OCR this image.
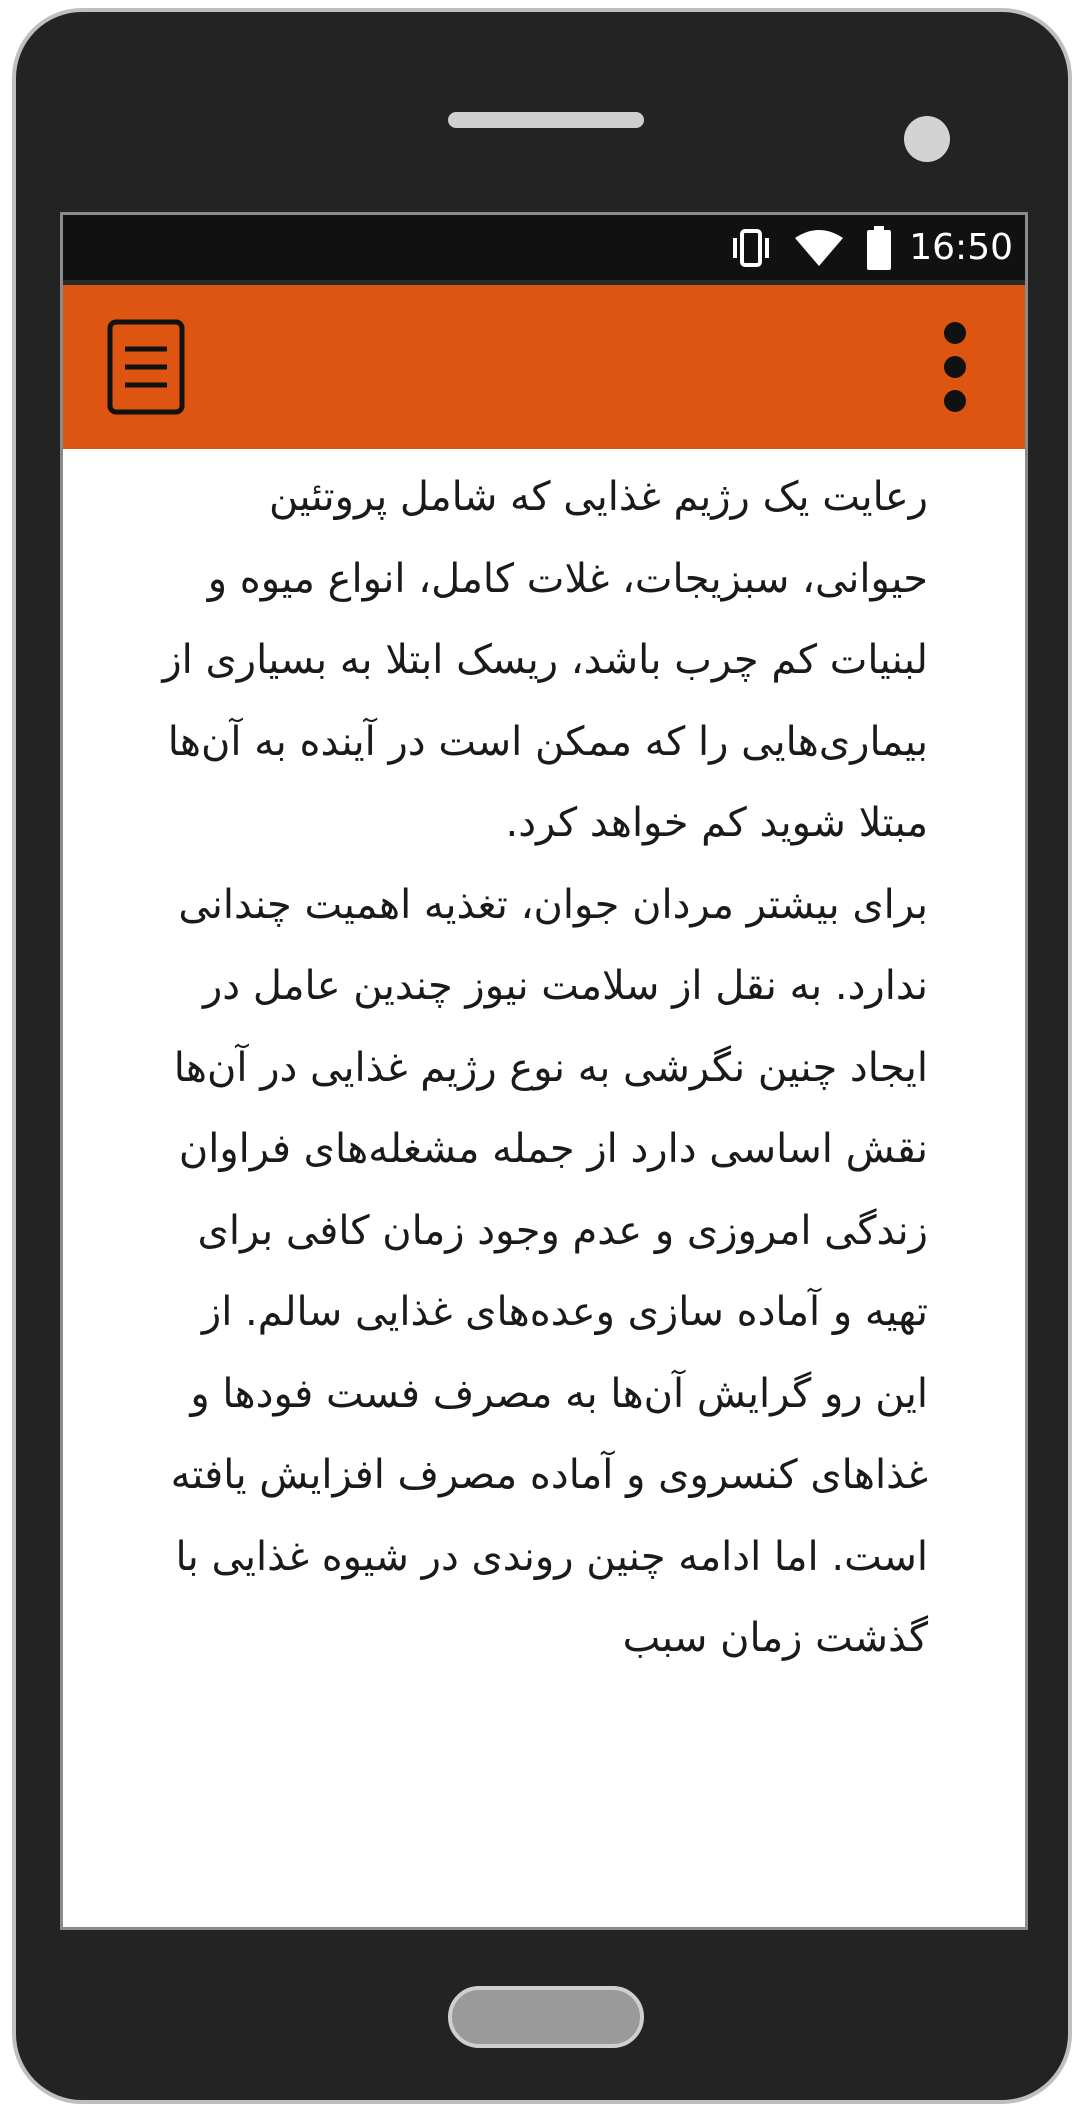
16:50

رعایت یک رژیم غذایی که شامل پروتئین حیوانی، سبزیجات، غلات کامل، انواع میوه و لبنیات کم چرب باشد، ریسک ابتلا به بسیاری از بیماری‌هایی را که ممکن است در آینده به آن‌ها مبتلا شوید کم خواهد کرد.

برای بیشتر مردان جوان، تغذیه اهمیت چندانی ندارد. به نقل از سلامت نیوز چندین عامل در ایجاد چنین نگرشی به نوع رژیم غذایی در آن‌ها نقش اساسی دارد از جمله مشغله‌های فراوان زندگی امروزی و عدم وجود زمان کافی برای تهیه و آماده سازی وعده‌های غذایی سالم. از این رو گرایش آن‌ها به مصرف فست فودها و غذاهای کنسروی و آماده مصرف افزایش یافته است. اما ادامه چنین روندی در شیوه غذایی با گذشت زمان سبب
